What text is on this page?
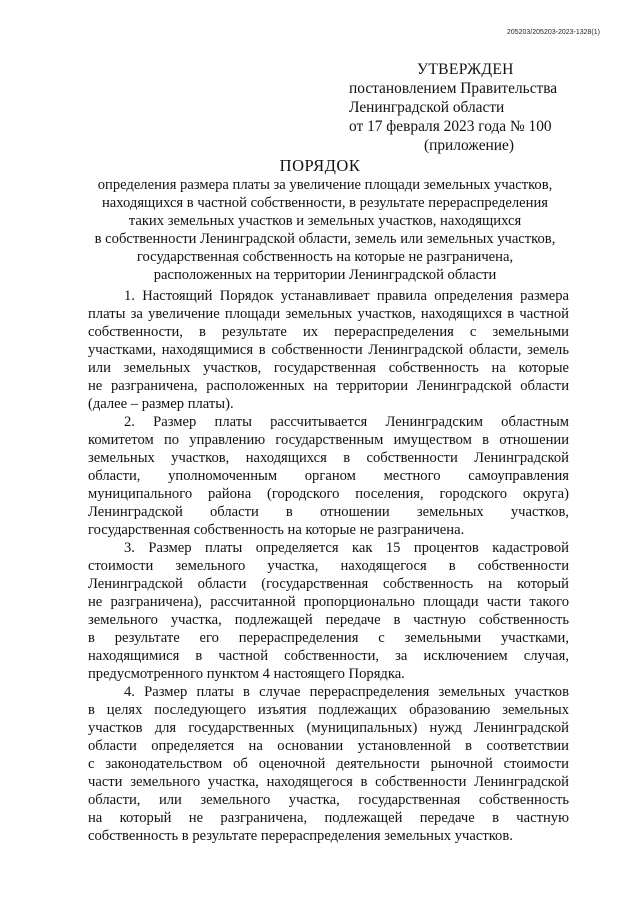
205203/205203-2023-1328(1)
УТВЕРЖДЕН
постановлением Правительства
Ленинградской области
от 17 февраля 2023 года № 100
(приложение)
ПОРЯДОК
определения размера платы за увеличение площади земельных участков,
находящихся в частной собственности, в результате перераспределения
таких земельных участков и земельных участков, находящихся
в собственности Ленинградской области, земель или земельных участков,
государственная собственность на которые не разграничена,
расположенных на территории Ленинградской области
1. Настоящий Порядок устанавливает правила определения размера
платы за увеличение площади земельных участков, находящихся в частной
собственности, в результате их перераспределения с земельными
участками, находящимися в собственности Ленинградской области, земель
или земельных участков, государственная собственность на которые
не разграничена, расположенных на территории Ленинградской области
(далее – размер платы).
2. Размер платы рассчитывается Ленинградским областным
комитетом по управлению государственным имуществом в отношении
земельных участков, находящихся в собственности Ленинградской
области, уполномоченным органом местного самоуправления
муниципального района (городского поселения, городского округа)
Ленинградской области в отношении земельных участков,
государственная собственность на которые не разграничена.
3. Размер платы определяется как 15 процентов кадастровой
стоимости земельного участка, находящегося в собственности
Ленинградской области (государственная собственность на который
не разграничена), рассчитанной пропорционально площади части такого
земельного участка, подлежащей передаче в частную собственность
в результате его перераспределения с земельными участками,
находящимися в частной собственности, за исключением случая,
предусмотренного пунктом 4 настоящего Порядка.
4. Размер платы в случае перераспределения земельных участков
в целях последующего изъятия подлежащих образованию земельных
участков для государственных (муниципальных) нужд Ленинградской
области определяется на основании установленной в соответствии
с законодательством об оценочной деятельности рыночной стоимости
части земельного участка, находящегося в собственности Ленинградской
области, или земельного участка, государственная собственность
на который не разграничена, подлежащей передаче в частную
собственность в результате перераспределения земельных участков.
